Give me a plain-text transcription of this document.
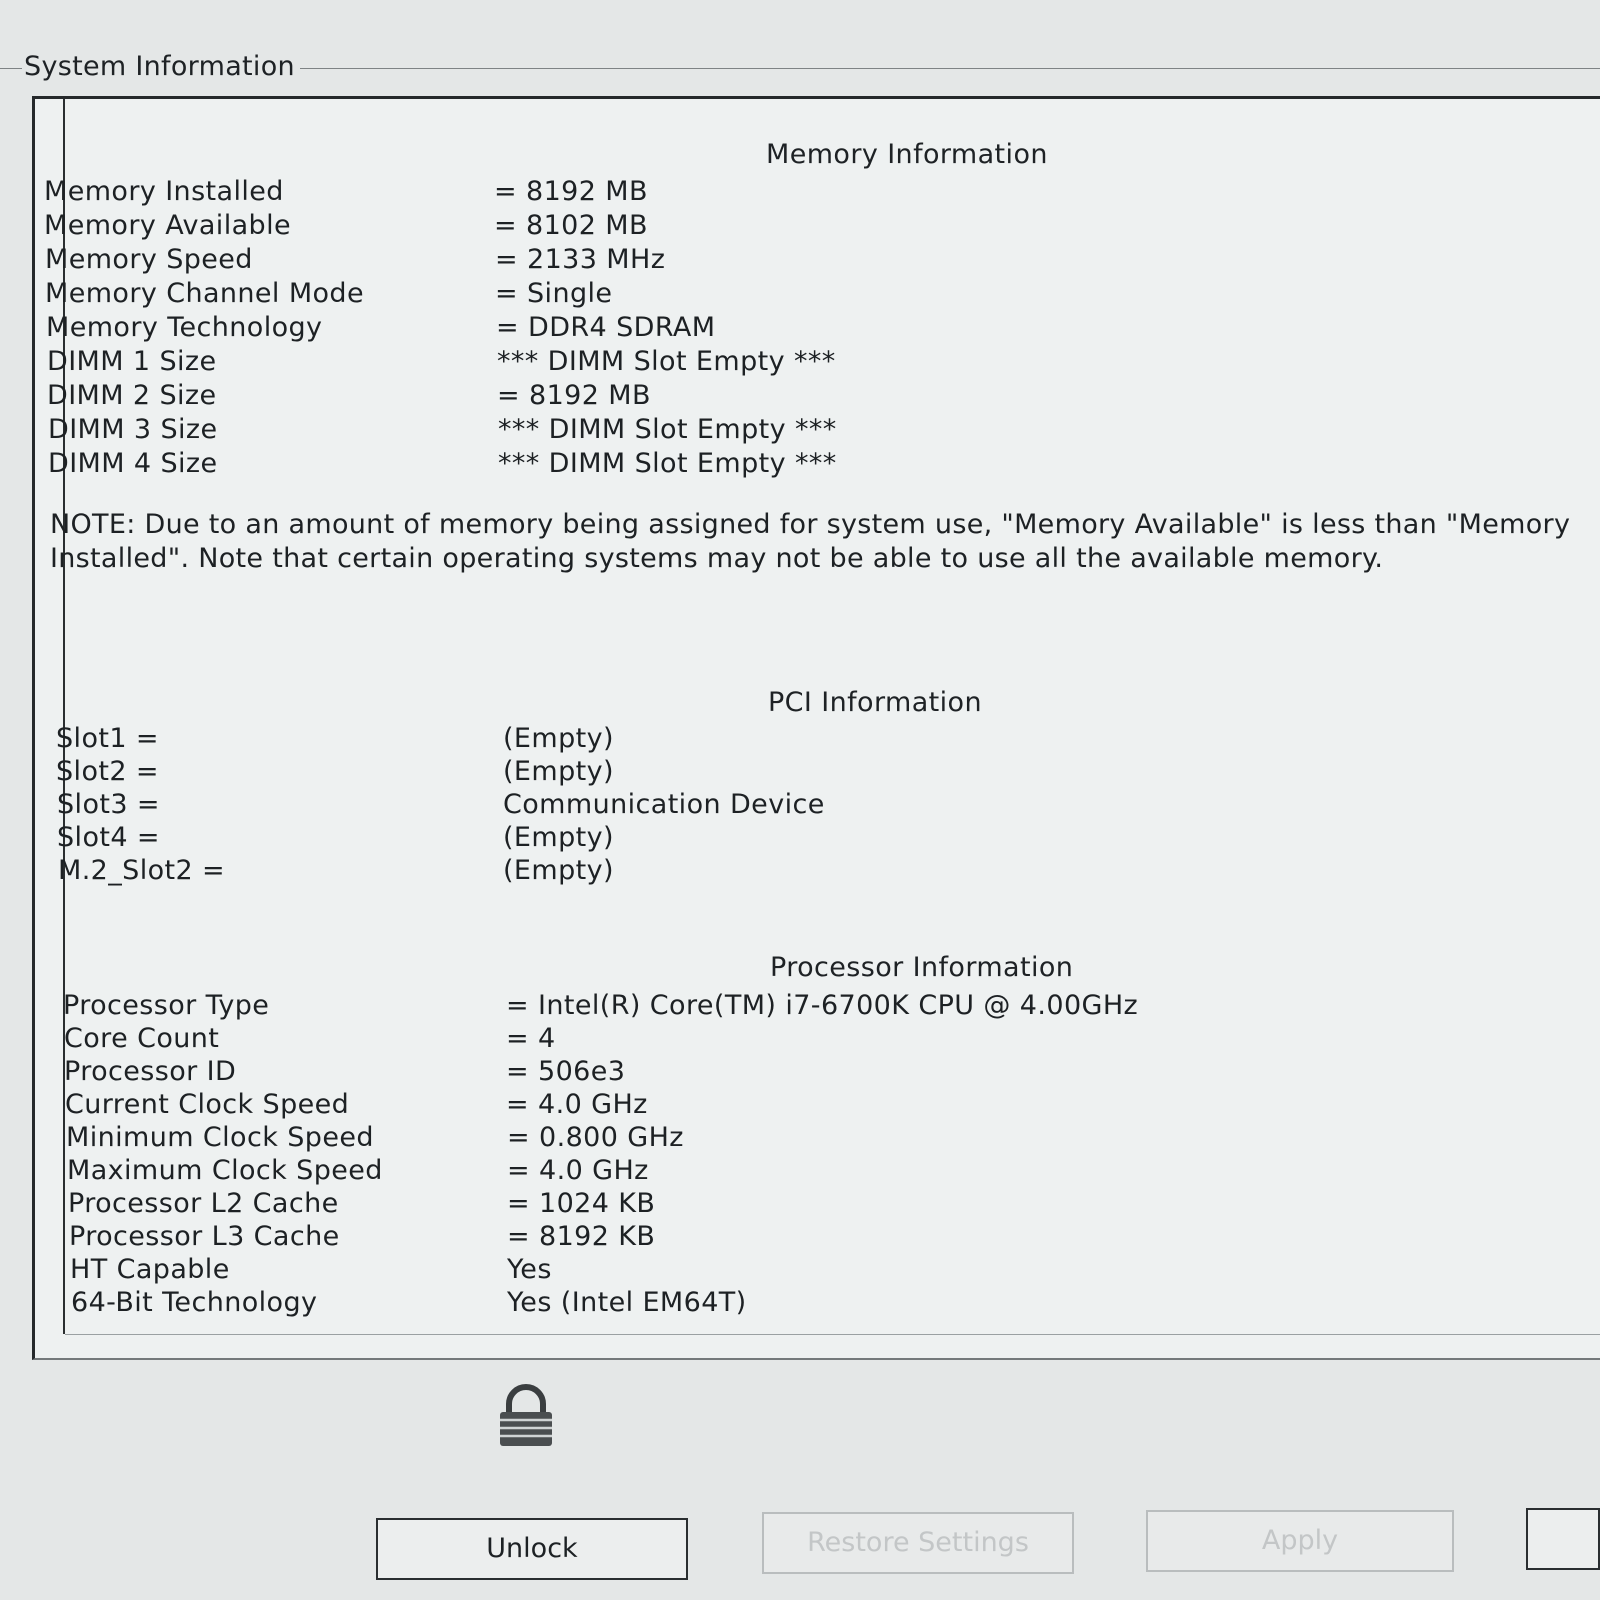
System Information
Memory Information
Memory Installed	= 8192 MB
Memory Available	= 8102 MB
Memory Speed	= 2133 MHz
Memory Channel Mode	= Single
Memory Technology	= DDR4 SDRAM
DIMM 1 Size	*** DIMM Slot Empty ***
DIMM 2 Size	= 8192 MB
DIMM 3 Size	*** DIMM Slot Empty ***
DIMM 4 Size	*** DIMM Slot Empty ***
NOTE: Due to an amount of memory being assigned for system use, "Memory Available" is less than "Memory Installed". Note that certain operating systems may not be able to use all the available memory.
PCI Information
Slot1 =	(Empty)
Slot2 =	(Empty)
Slot3 =	Communication Device
Slot4 =	(Empty)
M.2_Slot2 =	(Empty)
Processor Information
Processor Type	= Intel(R) Core(TM) i7-6700K CPU @ 4.00GHz
Core Count	= 4
Processor ID	= 506e3
Current Clock Speed	= 4.0 GHz
Minimum Clock Speed	= 0.800 GHz
Maximum Clock Speed	= 4.0 GHz
Processor L2 Cache	= 1024 KB
Processor L3 Cache	= 8192 KB
HT Capable	Yes
64-Bit Technology	Yes (Intel EM64T)
Unlock	Restore Settings	Apply
